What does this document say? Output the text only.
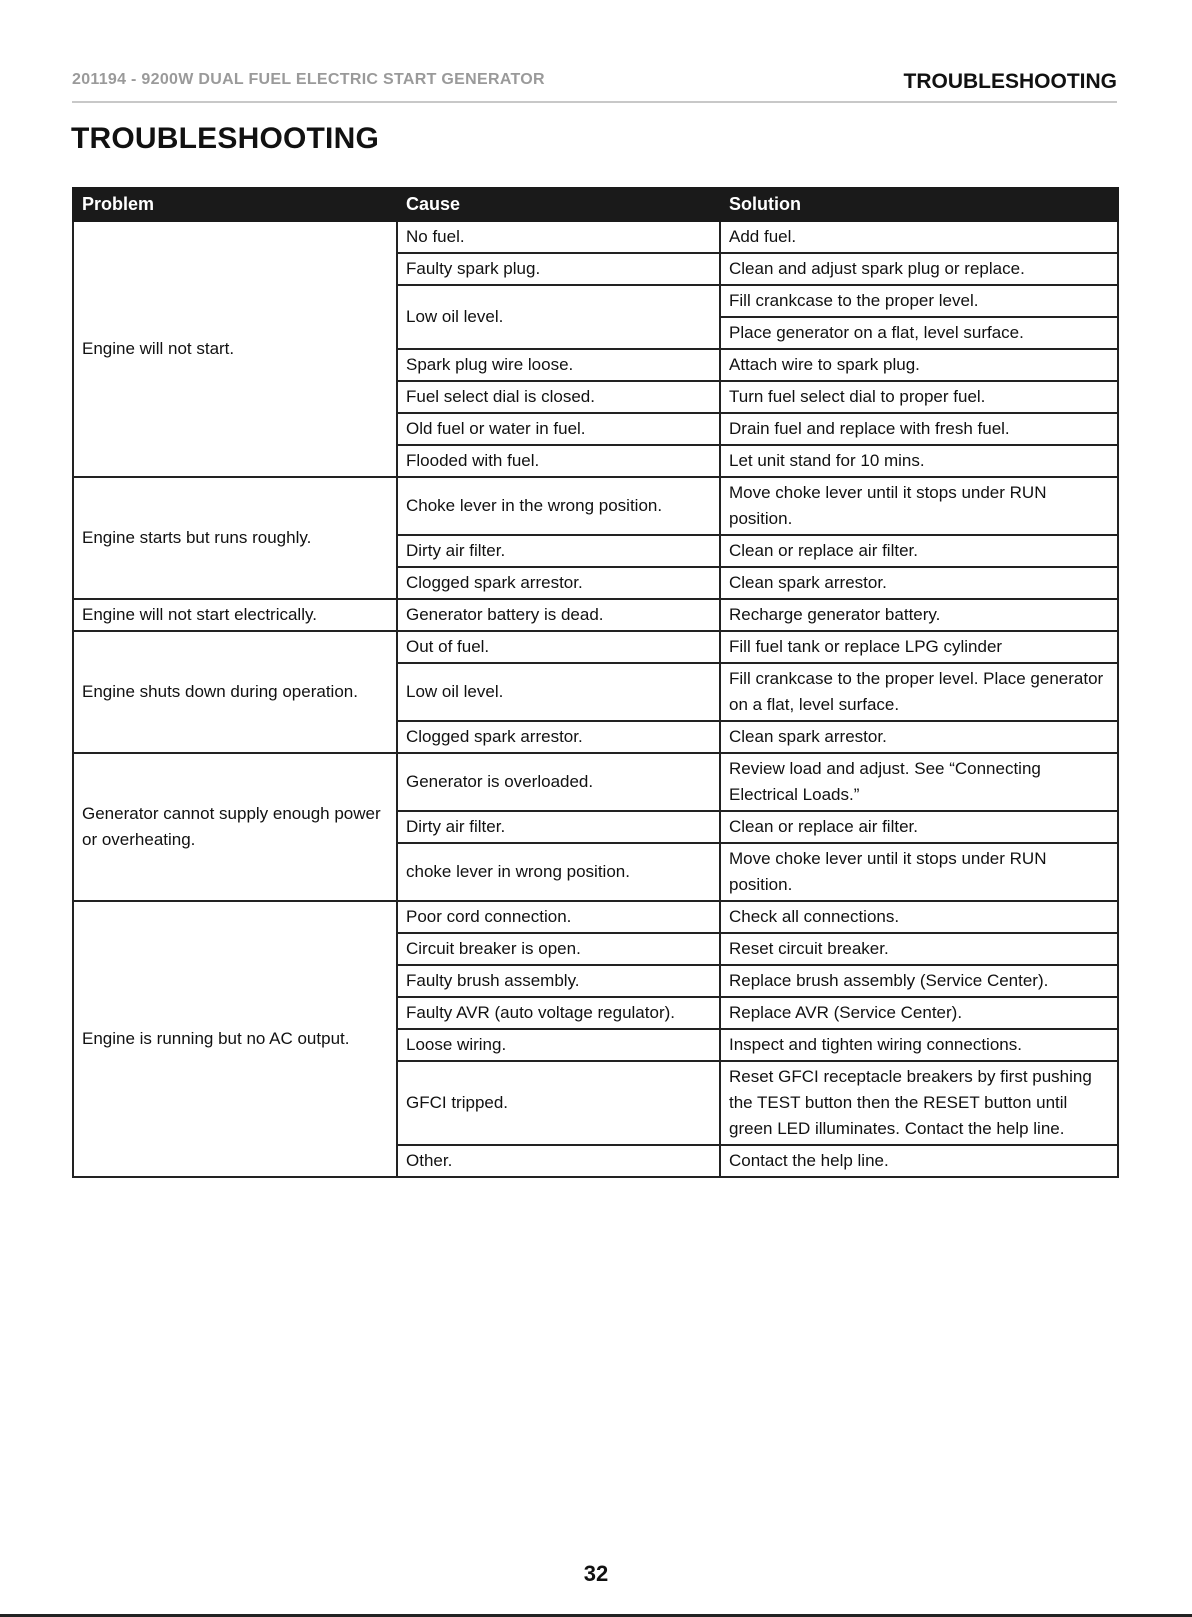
201194 - 9200W DUAL FUEL ELECTRIC START GENERATOR	TROUBLESHOOTING
TROUBLESHOOTING
Problem	Cause	Solution
Engine will not start.	No fuel.	Add fuel.
	Faulty spark plug.	Clean and adjust spark plug or replace.
	Low oil level.	Fill crankcase to the proper level.
		Place generator on a flat, level surface.
	Spark plug wire loose.	Attach wire to spark plug.
	Fuel select dial is closed.	Turn fuel select dial to proper fuel.
	Old fuel or water in fuel.	Drain fuel and replace with fresh fuel.
	Flooded with fuel.	Let unit stand for 10 mins.
Engine starts but runs roughly.	Choke lever in the wrong position.	Move choke lever until it stops under RUN position.
	Dirty air filter.	Clean or replace air filter.
	Clogged spark arrestor.	Clean spark arrestor.
Engine will not start electrically.	Generator battery is dead.	Recharge generator battery.
Engine shuts down during operation.	Out of fuel.	Fill fuel tank or replace LPG cylinder
	Low oil level.	Fill crankcase to the proper level. Place generator on a flat, level surface.
	Clogged spark arrestor.	Clean spark arrestor.
Generator cannot supply enough power or overheating.	Generator is overloaded.	Review load and adjust. See “Connecting Electrical Loads.”
	Dirty air filter.	Clean or replace air filter.
	choke lever in wrong position.	Move choke lever until it stops under RUN position.
Engine is running but no AC output.	Poor cord connection.	Check all connections.
	Circuit breaker is open.	Reset circuit breaker.
	Faulty brush assembly.	Replace brush assembly (Service Center).
	Faulty AVR (auto voltage regulator).	Replace AVR (Service Center).
	Loose wiring.	Inspect and tighten wiring connections.
	GFCI tripped.	Reset GFCI receptacle breakers by first pushing the TEST button then the RESET button until green LED illuminates. Contact the help line.
	Other.	Contact the help line.
32
